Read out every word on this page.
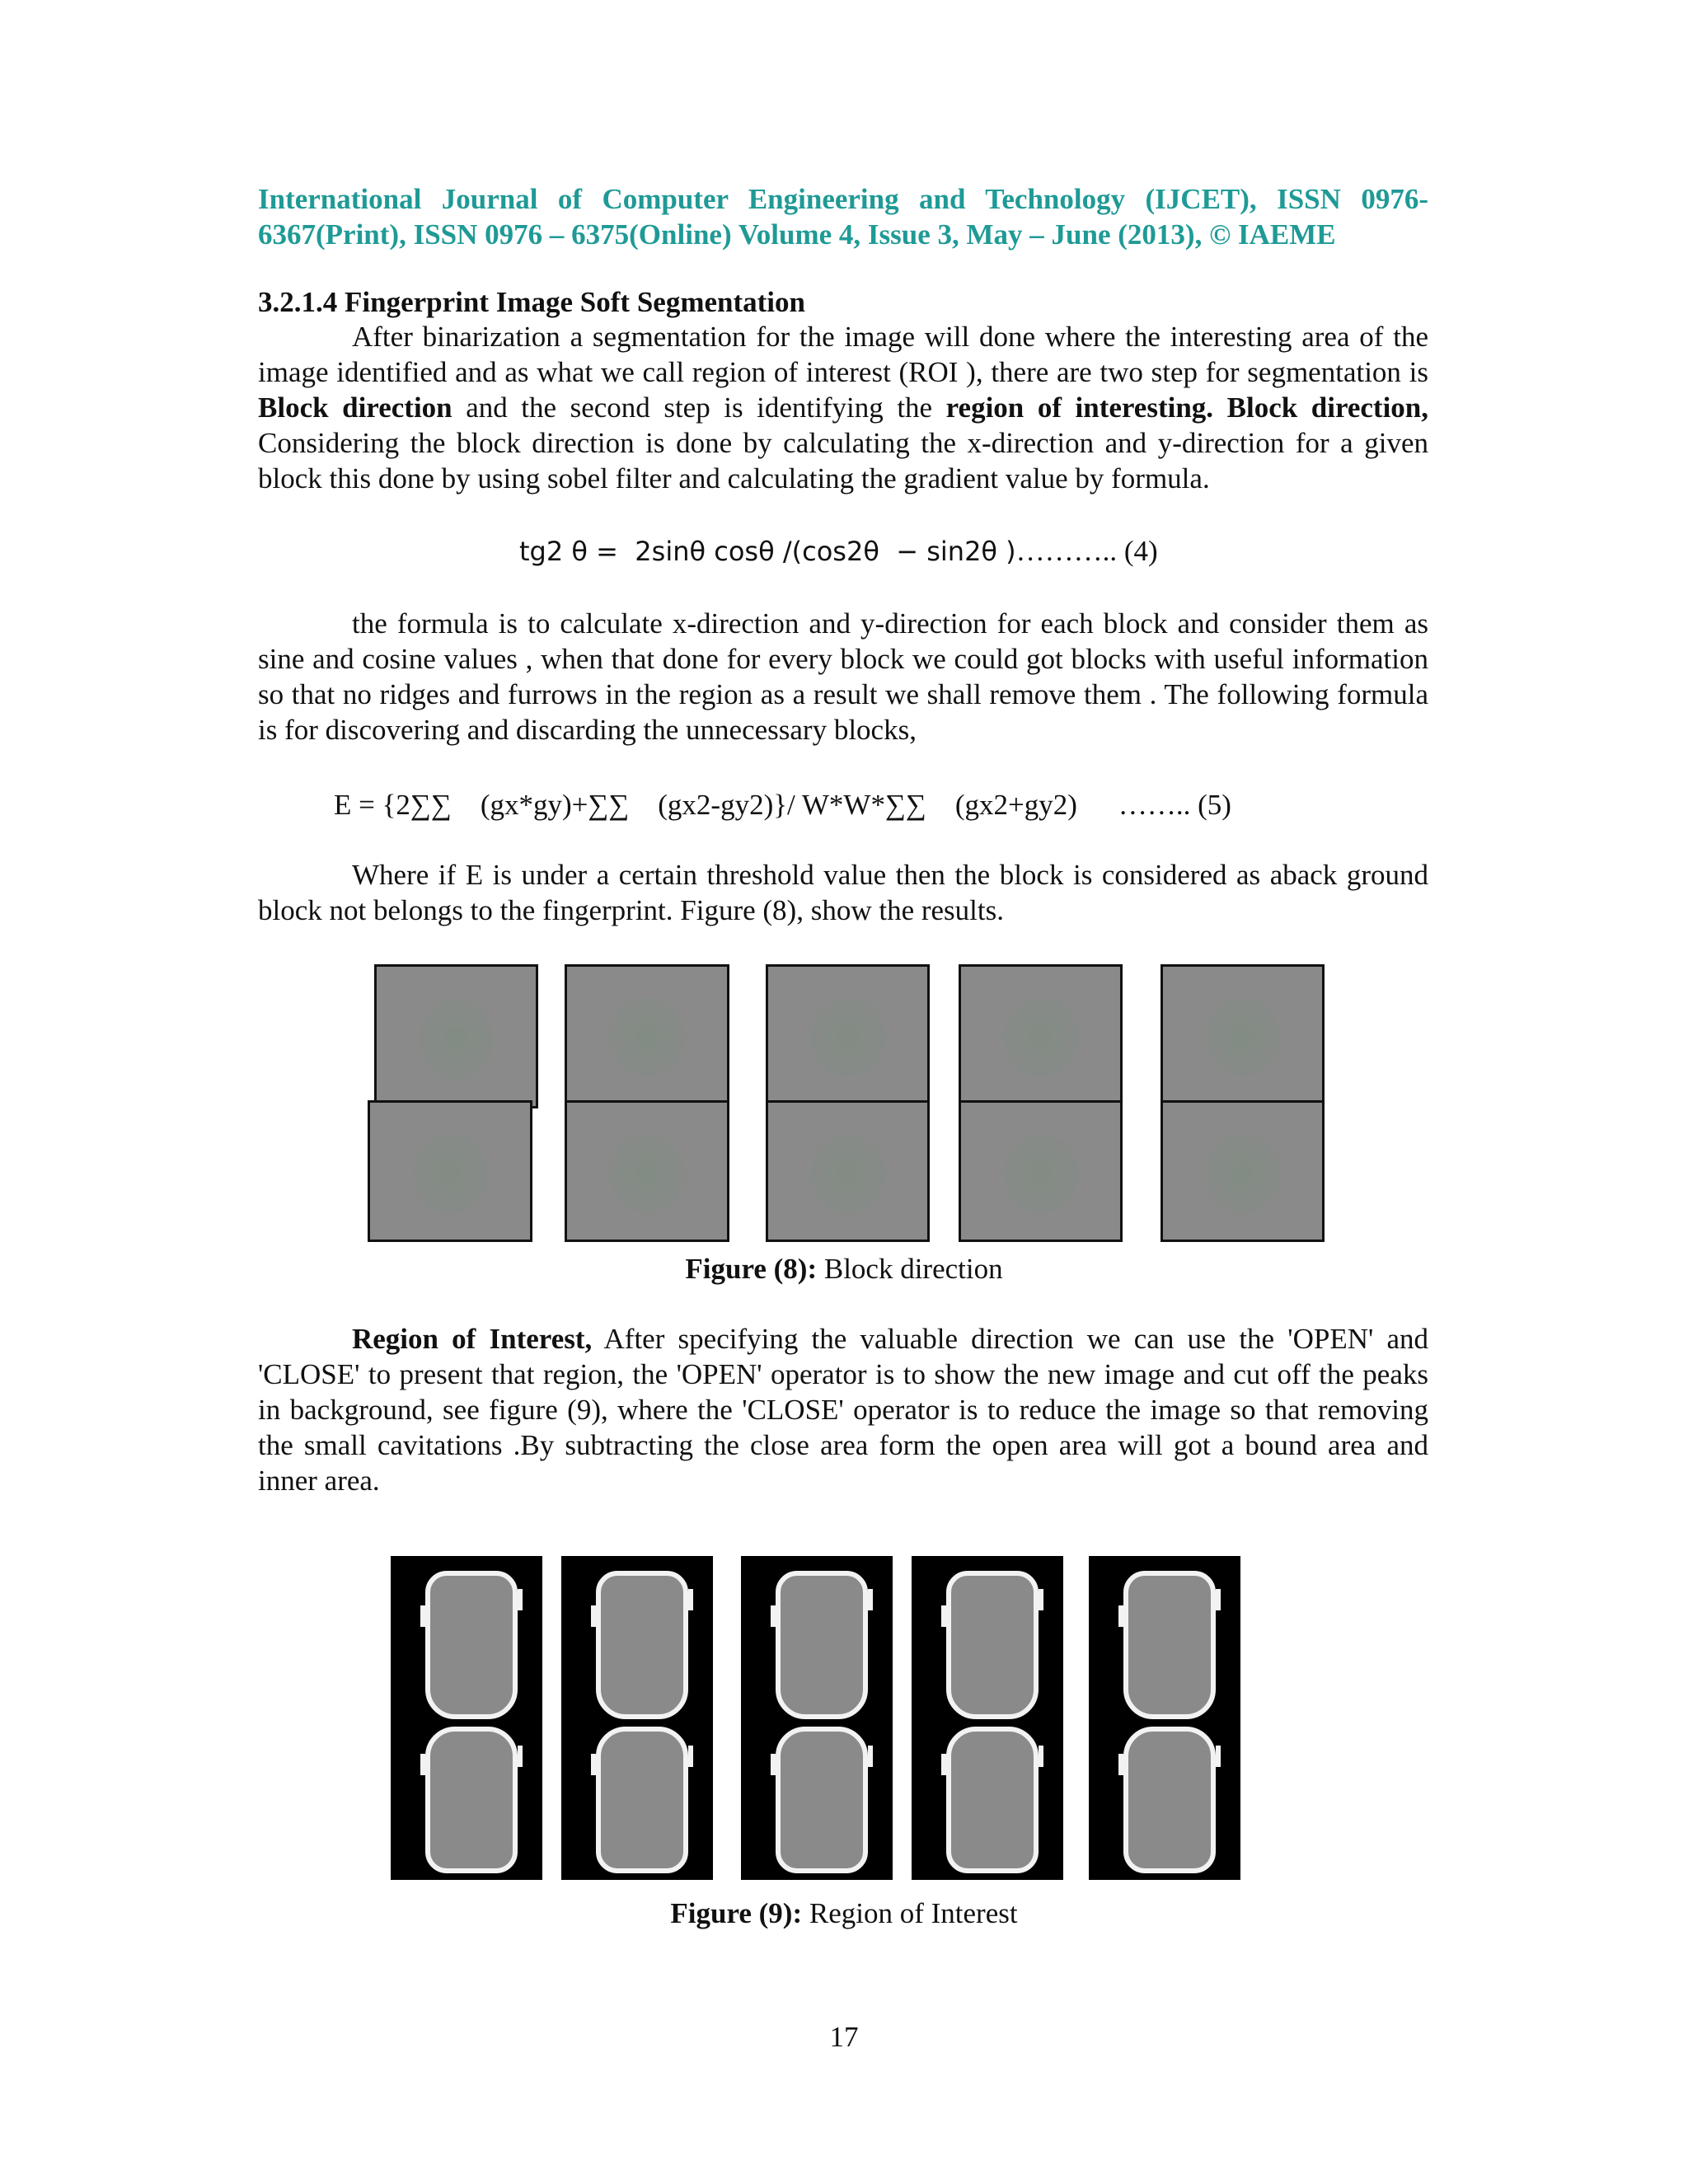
International Journal of Computer Engineering and Technology (IJCET), ISSN 0976-6367(Print), ISSN 0976 – 6375(Online) Volume 4, Issue 3, May – June (2013), © IAEME
3.2.1.4 Fingerprint Image Soft Segmentation
After binarization a segmentation for the image will done where the interesting area of the image identified and as what we call region of interest (ROI ), there are two step for segmentation is Block direction and the second step is identifying the region of interesting. Block direction, Considering the block direction is done by calculating the x-direction and y-direction for a given block this done by using sobel filter and calculating the gradient value by formula.
tg2 θ =  2sinθ cosθ /(cos2θ  − sin2θ )……….. (4)
the formula is to calculate x-direction and y-direction for each block and consider them as sine and cosine values , when that done for every block we could got blocks with useful information so that no ridges and furrows in the region as a result we shall remove them . The following formula is for discovering and discarding the unnecessary blocks,
E = {2∑∑    (gx*gy)+∑∑    (gx2-gy2)}/ W*W*∑∑    (gx2+gy2) …….. (5)
Where if E is under a certain threshold value then the block is considered as aback ground block not belongs to the fingerprint. Figure (8), show the results.
Figure (8): Block direction
Region of Interest, After specifying the valuable direction we can use the 'OPEN' and 'CLOSE' to present that region, the 'OPEN' operator is to show the new image and cut off the peaks in background, see figure (9), where the 'CLOSE' operator is to reduce the image so that removing the small cavitations .By subtracting the close area form the open area will got a bound area and inner area.
Figure (9): Region of Interest
17
